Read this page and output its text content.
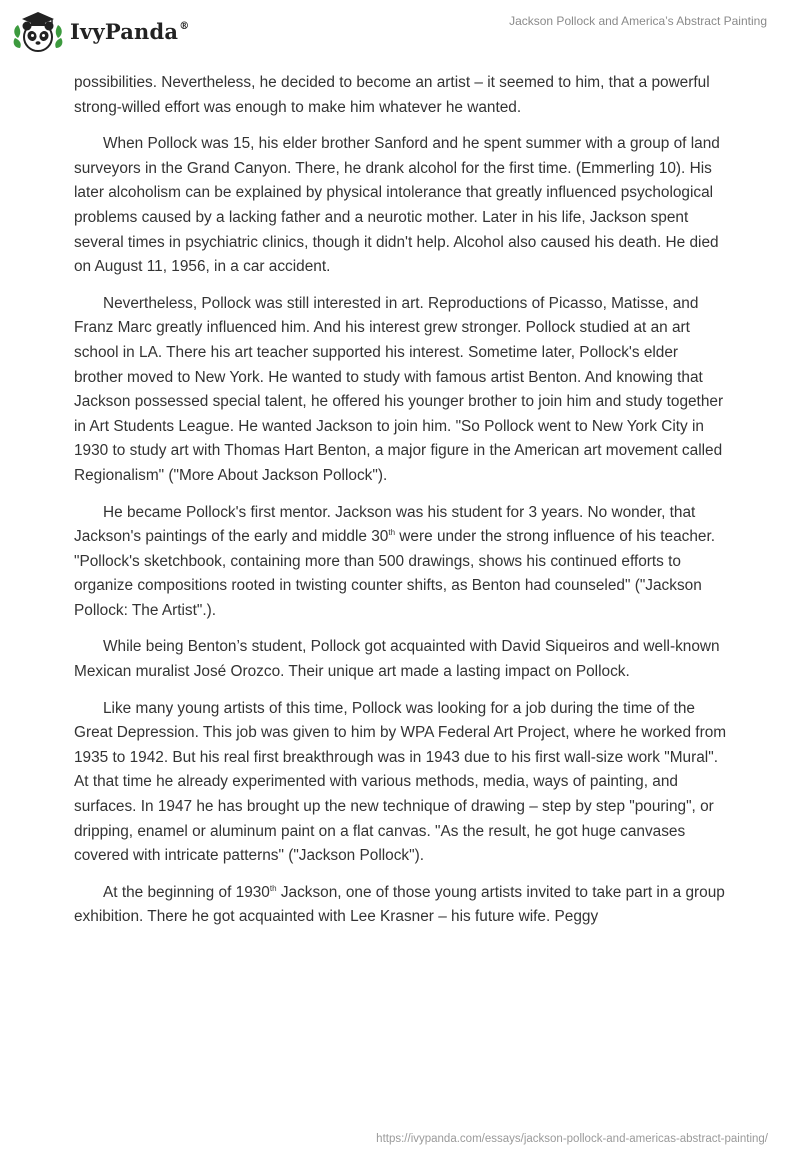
IvyPanda®	Jackson Pollock and America’s Abstract Painting

possibilities. Nevertheless, he decided to become an artist – it seemed to him, that a powerful strong-willed effort was enough to make him whatever he wanted.

When Pollock was 15, his elder brother Sanford and he spent summer with a group of land surveyors in the Grand Canyon. There, he drank alcohol for the first time. (Emmerling 10). His later alcoholism can be explained by physical intolerance that greatly influenced psychological problems caused by a lacking father and a neurotic mother. Later in his life, Jackson spent several times in psychiatric clinics, though it didn't help. Alcohol also caused his death. He died on August 11, 1956, in a car accident.

Nevertheless, Pollock was still interested in art. Reproductions of Picasso, Matisse, and Franz Marc greatly influenced him. And his interest grew stronger. Pollock studied at an art school in LA. There his art teacher supported his interest. Sometime later, Pollock's elder brother moved to New York. He wanted to study with famous artist Benton. And knowing that Jackson possessed special talent, he offered his younger brother to join him and study together in Art Students League. He wanted Jackson to join him. "So Pollock went to New York City in 1930 to study art with Thomas Hart Benton, a major figure in the American art movement called Regionalism" ("More About Jackson Pollock").

He became Pollock's first mentor. Jackson was his student for 3 years. No wonder, that Jackson's paintings of the early and middle 30th were under the strong influence of his teacher. "Pollock's sketchbook, containing more than 500 drawings, shows his continued efforts to organize compositions rooted in twisting counter shifts, as Benton had counseled" ("Jackson Pollock: The Artist".).

While being Benton’s student, Pollock got acquainted with David Siqueiros and well-known Mexican muralist José Orozco. Their unique art made a lasting impact on Pollock.

Like many young artists of this time, Pollock was looking for a job during the time of the Great Depression. This job was given to him by WPA Federal Art Project, where he worked from 1935 to 1942. But his real first breakthrough was in 1943 due to his first wall-size work "Mural". At that time he already experimented with various methods, media, ways of painting, and surfaces. In 1947 he has brought up the new technique of drawing – step by step "pouring", or dripping, enamel or aluminum paint on a flat canvas. "As the result, he got huge canvases covered with intricate patterns" ("Jackson Pollock").

At the beginning of 1930th Jackson, one of those young artists invited to take part in a group exhibition. There he got acquainted with Lee Krasner – his future wife. Peggy

https://ivypanda.com/essays/jackson-pollock-and-americas-abstract-painting/
